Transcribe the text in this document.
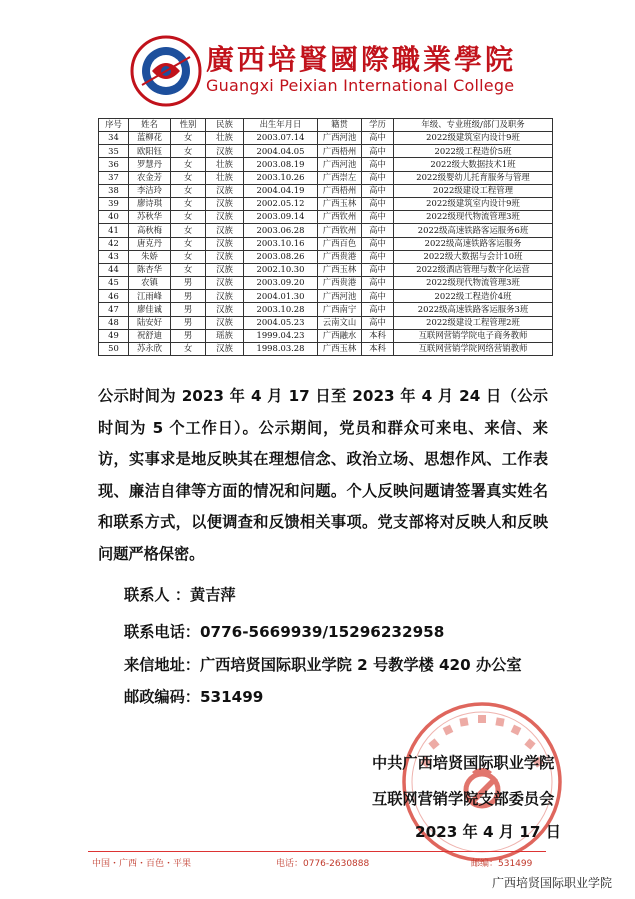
廣西培賢國際職業學院
Guangxi Peixian International College
序号	姓名	性别	民族	出生年月日	籍贯	学历	年级、专业班级/部门及职务
34	蓝柳花	女	壮族	2003.07.14	广西河池	高中	2022级建筑室内设计9班
35	欧阳钰	女	汉族	2004.04.05	广西梧州	高中	2022级工程造价5班
36	罗慧丹	女	壮族	2003.08.19	广西河池	高中	2022级大数据技术1班
37	农金芳	女	壮族	2003.10.26	广西崇左	高中	2022级婴幼儿托育服务与管理
38	李洁玲	女	汉族	2004.04.19	广西梧州	高中	2022级建设工程管理
39	廖诗琪	女	汉族	2002.05.12	广西玉林	高中	2022级建筑室内设计9班
40	苏秋华	女	汉族	2003.09.14	广西钦州	高中	2022级现代物流管理3班
41	高秋梅	女	汉族	2003.06.28	广西钦州	高中	2022级高速铁路客运服务6班
42	唐克丹	女	汉族	2003.10.16	广西百色	高中	2022级高速铁路客运服务
43	朱娇	女	汉族	2003.08.26	广西贵港	高中	2022级大数据与会计10班
44	陈杏华	女	汉族	2002.10.30	广西玉林	高中	2022级酒店管理与数字化运营
45	农镇	男	汉族	2003.09.20	广西贵港	高中	2022级现代物流管理3班
46	江雨峰	男	汉族	2004.01.30	广西河池	高中	2022级工程造价4班
47	廖佳诚	男	汉族	2003.10.28	广西南宁	高中	2022级高速铁路客运服务3班
48	陆安好	男	汉族	2004.05.23	云南文山	高中	2022级建设工程管理2班
49	祝舒迪	男	瑶族	1999.04.23	广西融水	本科	互联网营销学院电子商务教师
50	苏永欣	女	汉族	1998.03.28	广西玉林	本科	互联网营销学院网络营销教师
公示时间为 2023 年 4 月 17 日至 2023 年 4 月 24 日（公示时间为 5 个工作日）。公示期间，党员和群众可来电、来信、来访，实事求是地反映其在理想信念、政治立场、思想作风、工作表现、廉洁自律等方面的情况和问题。个人反映问题请签署真实姓名和联系方式，以便调查和反馈相关事项。党支部将对反映人和反映问题严格保密。
联系人 ：黄吉萍
联系电话：0776-5669939/15296232958
来信地址：广西培贤国际职业学院 2 号教学楼 420 办公室
邮政编码：531499
中共广西培贤国际职业学院
互联网营销学院支部委员会
2023 年 4 月 17 日
中国・广西・百色・平果	电话：0776-2630888	邮编：531499
广西培贤国际职业学院
